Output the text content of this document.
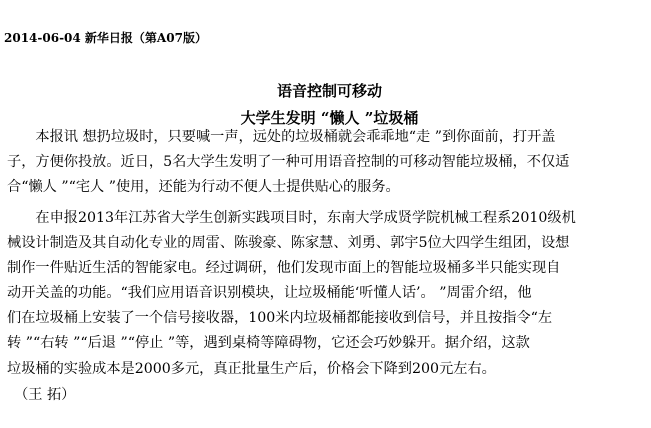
2014-06-04 新华日报（第A07版）
语音控制可移动
大学生发明 “懒人 ”垃圾桶
　　本报讯 想扔垃圾时，只要喊一声，远处的垃圾桶就会乖乖地“走 ”到你面前，打开盖
子，方便你投放。近日，5名大学生发明了一种可用语音控制的可移动智能垃圾桶，不仅适
合“懒人 ”“宅人 ”使用，还能为行动不便人士提供贴心的服务。
　　在申报2013年江苏省大学生创新实践项目时，东南大学成贤学院机械工程系2010级机
械设计制造及其自动化专业的周雷、陈骏豪、陈家慧、刘勇、郭宇5位大四学生组团，设想
制作一件贴近生活的智能家电。经过调研，他们发现市面上的智能垃圾桶多半只能实现自
动开关盖的功能。“我们应用语音识别模块，让垃圾桶能‘听懂人话’。 ”周雷介绍，他
们在垃圾桶上安装了一个信号接收器，100米内垃圾桶都能接收到信号，并且按指令“左
转 ”“右转 ”“后退 ”“停止 ”等，遇到桌椅等障碍物，它还会巧妙躲开。据介绍，这款
垃圾桶的实验成本是2000多元，真正批量生产后，价格会下降到200元左右。
　（王 拓）
